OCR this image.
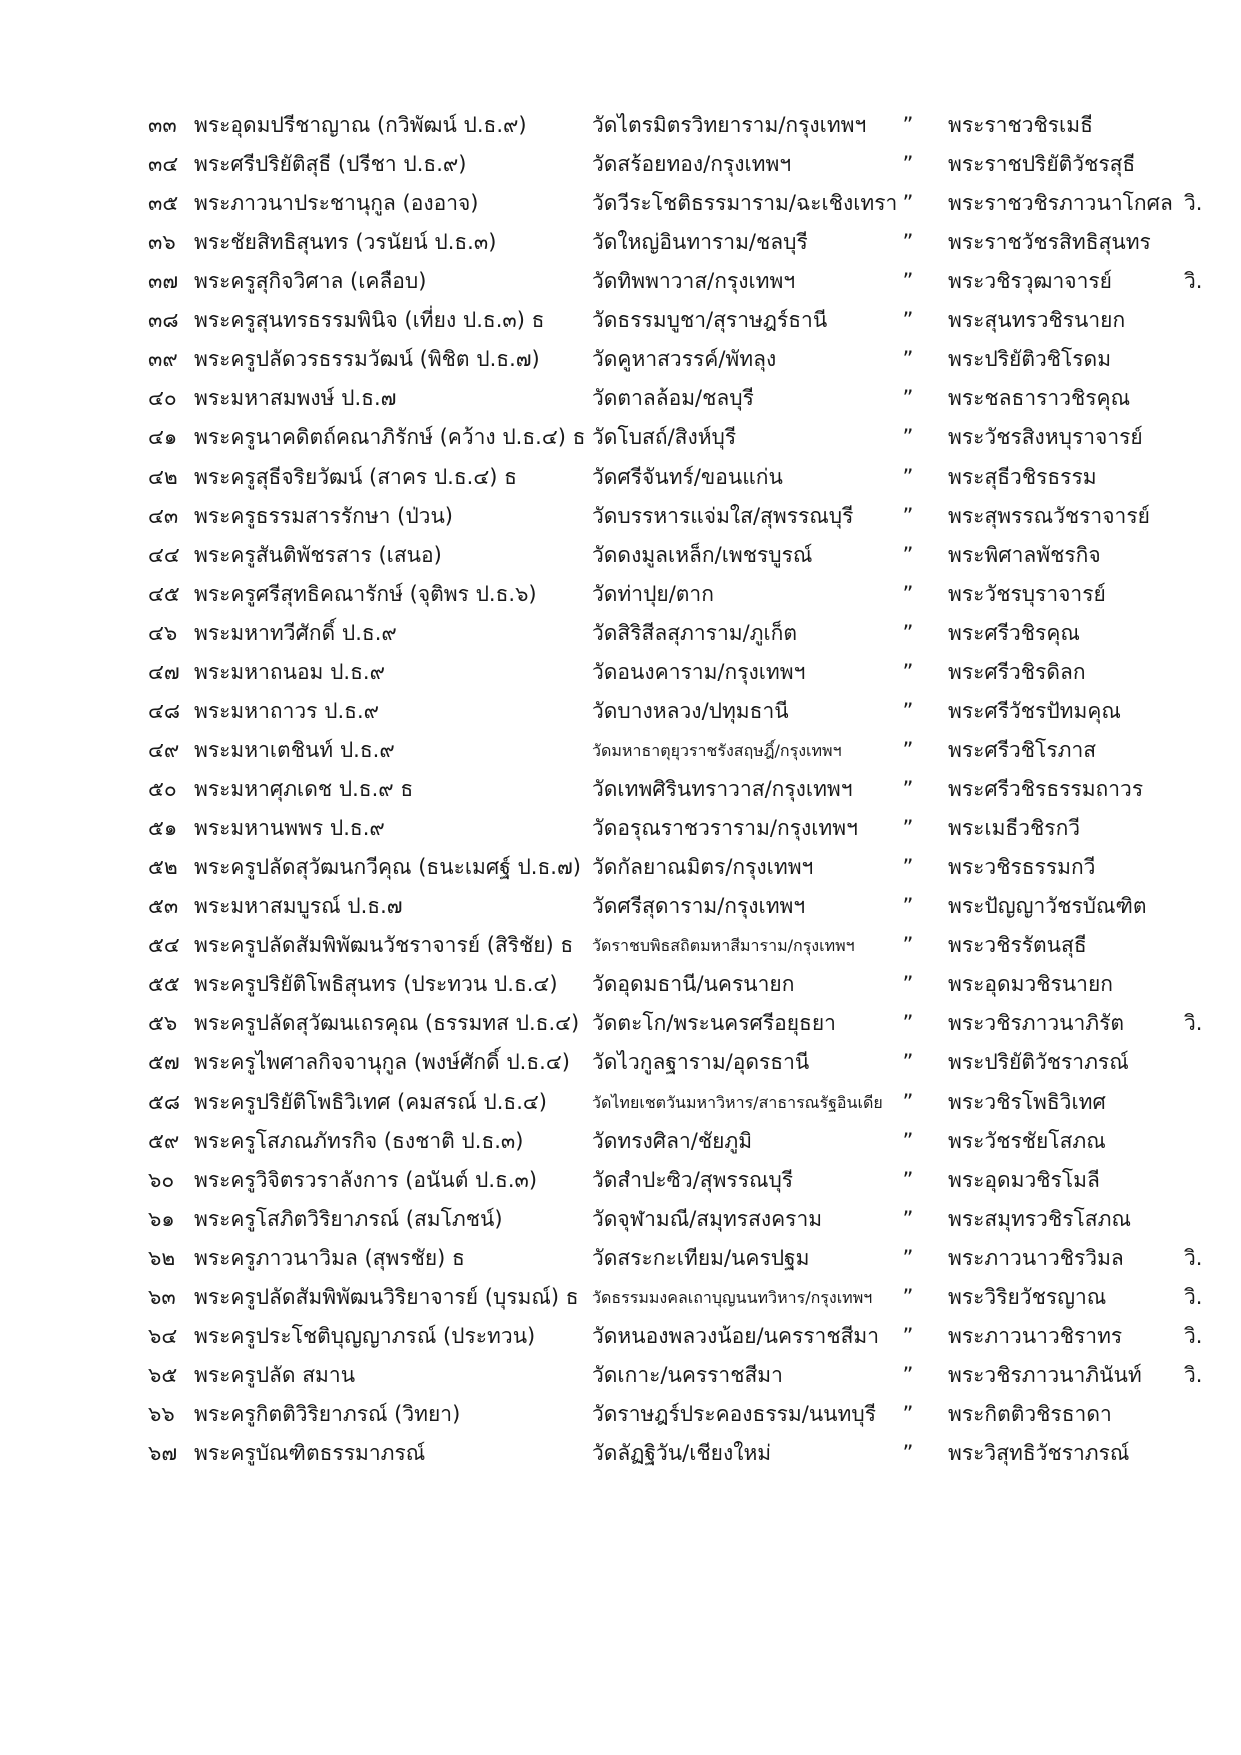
๓๓ พระอุดมปรีชาญาณ (กวิพัฒน์ ป.ธ.๙)	วัดไตรมิตรวิทยาราม/กรุงเทพฯ	” พระราชวชิรเมธี
๓๔ พระศรีปริยัติสุธี (ปรีชา ป.ธ.๙)	วัดสร้อยทอง/กรุงเทพฯ	” พระราชปริยัติวัชรสุธี
๓๕ พระภาวนาประชานุกูล (องอาจ)	วัดวีระโชติธรรมาราม/ฉะเชิงเทรา ” พระราชวชิรภาวนาโกศล วิ.
๓๖ พระชัยสิทธิสุนทร (วรนัยน์ ป.ธ.๓)	วัดใหญ่อินทาราม/ชลบุรี	” พระราชวัชรสิทธิสุนทร
๓๗ พระครูสุกิจวิศาล (เคลือบ)	วัดทิพพาวาส/กรุงเทพฯ	” พระวชิรวุฒาจารย์	วิ.
๓๘ พระครูสุนทรธรรมพินิจ (เที่ยง ป.ธ.๓) ธ	วัดธรรมบูชา/สุราษฎร์ธานี	” พระสุนทรวชิรนายก
๓๙ พระครูปลัดวรธรรมวัฒน์ (พิชิต ป.ธ.๗)	วัดคูหาสวรรค์/พัทลุง	” พระปริยัติวชิโรดม
๔๐ พระมหาสมพงษ์ ป.ธ.๗	วัดตาลล้อม/ชลบุรี	” พระชลธาราวชิรคุณ
๔๑ พระครูนาคดิตถ์คณาภิรักษ์ (คว้าง ป.ธ.๔) ธ วัดโบสถ์/สิงห์บุรี	” พระวัชรสิงหบุราจารย์
๔๒ พระครูสุธีจริยวัฒน์ (สาคร ป.ธ.๔) ธ	วัดศรีจันทร์/ขอนแก่น	” พระสุธีวชิรธรรม
๔๓ พระครูธรรมสารรักษา (ป่วน)	วัดบรรหารแจ่มใส/สุพรรณบุรี	” พระสุพรรณวัชราจารย์
๔๔ พระครูสันติพัชรสาร (เสนอ)	วัดดงมูลเหล็ก/เพชรบูรณ์	” พระพิศาลพัชรกิจ
๔๕ พระครูศรีสุทธิคณารักษ์ (จุติพร ป.ธ.๖)	วัดท่าปุย/ตาก	” พระวัชรบุราจารย์
๔๖ พระมหาทวีศักดิ์ ป.ธ.๙	วัดสิริสีลสุภาราม/ภูเก็ต	” พระศรีวชิรคุณ
๔๗ พระมหาถนอม ป.ธ.๙	วัดอนงคาราม/กรุงเทพฯ	” พระศรีวชิรดิลก
๔๘ พระมหาถาวร ป.ธ.๙	วัดบางหลวง/ปทุมธานี	” พระศรีวัชรปัทมคุณ
๔๙ พระมหาเตชินท์ ป.ธ.๙	วัดมหาธาตุยุวราชรังสฤษฎิ์/กรุงเทพฯ	” พระศรีวชิโรภาส
๕๐ พระมหาศุภเดช ป.ธ.๙ ธ	วัดเทพศิรินทราวาส/กรุงเทพฯ	” พระศรีวชิรธรรมถาวร
๕๑ พระมหานพพร ป.ธ.๙	วัดอรุณราชวราราม/กรุงเทพฯ	” พระเมธีวชิรกวี
๕๒ พระครูปลัดสุวัฒนกวีคุณ (ธนะเมศฐ์ ป.ธ.๗) วัดกัลยาณมิตร/กรุงเทพฯ	” พระวชิรธรรมกวี
๕๓ พระมหาสมบูรณ์ ป.ธ.๗	วัดศรีสุดาราม/กรุงเทพฯ	” พระปัญญาวัชรบัณฑิต
๕๔ พระครูปลัดสัมพิพัฒนวัชราจารย์ (สิริชัย) ธ	วัดราชบพิธสถิตมหาสีมาราม/กรุงเทพฯ	” พระวชิรรัตนสุธี
๕๕ พระครูปริยัติโพธิสุนทร (ประทวน ป.ธ.๔)	วัดอุดมธานี/นครนายก	” พระอุดมวชิรนายก
๕๖ พระครูปลัดสุวัฒนเถรคุณ (ธรรมทส ป.ธ.๔) วัดตะโก/พระนครศรีอยุธยา	” พระวชิรภาวนาภิรัต	วิ.
๕๗ พระครูไพศาลกิจจานุกูล (พงษ์ศักดิ์ ป.ธ.๔)	วัดไวกูลฐาราม/อุดรธานี	” พระปริยัติวัชราภรณ์
๕๘ พระครูปริยัติโพธิวิเทศ (คมสรณ์ ป.ธ.๔)	วัดไทยเชตวันมหาวิหาร/สาธารณรัฐอินเดีย ” พระวชิรโพธิวิเทศ
๕๙ พระครูโสภณภัทรกิจ (ธงชาติ ป.ธ.๓)	วัดทรงศิลา/ชัยภูมิ	” พระวัชรชัยโสภณ
๖๐ พระครูวิจิตรวราลังการ (อนันต์ ป.ธ.๓)	วัดสำปะซิว/สุพรรณบุรี	” พระอุดมวชิรโมลี
๖๑ พระครูโสภิตวิริยาภรณ์ (สมโภชน์)	วัดจุฬามณี/สมุทรสงคราม	” พระสมุทรวชิรโสภณ
๖๒ พระครูภาวนาวิมล (สุพรชัย) ธ	วัดสระกะเทียม/นครปฐม	” พระภาวนาวชิรวิมล	วิ.
๖๓ พระครูปลัดสัมพิพัฒนวิริยาจารย์ (บุรมณ์) ธ วัดธรรมมงคลเถาบุญนนทวิหาร/กรุงเทพฯ	” พระวิริยวัชรญาณ	วิ.
๖๔ พระครูประโชติบุญญาภรณ์ (ประทวน)	วัดหนองพลวงน้อย/นครราชสีมา	” พระภาวนาวชิราทร	วิ.
๖๕ พระครูปลัด สมาน	วัดเกาะ/นครราชสีมา	” พระวชิรภาวนาภินันท์	วิ.
๖๖ พระครูกิตติวิริยาภรณ์ (วิทยา)	วัดราษฎร์ประคองธรรม/นนทบุรี	” พระกิตติวชิรธาดา
๖๗ พระครูบัณฑิตธรรมาภรณ์	วัดลัฏฐิวัน/เชียงใหม่	” พระวิสุทธิวัชราภรณ์
